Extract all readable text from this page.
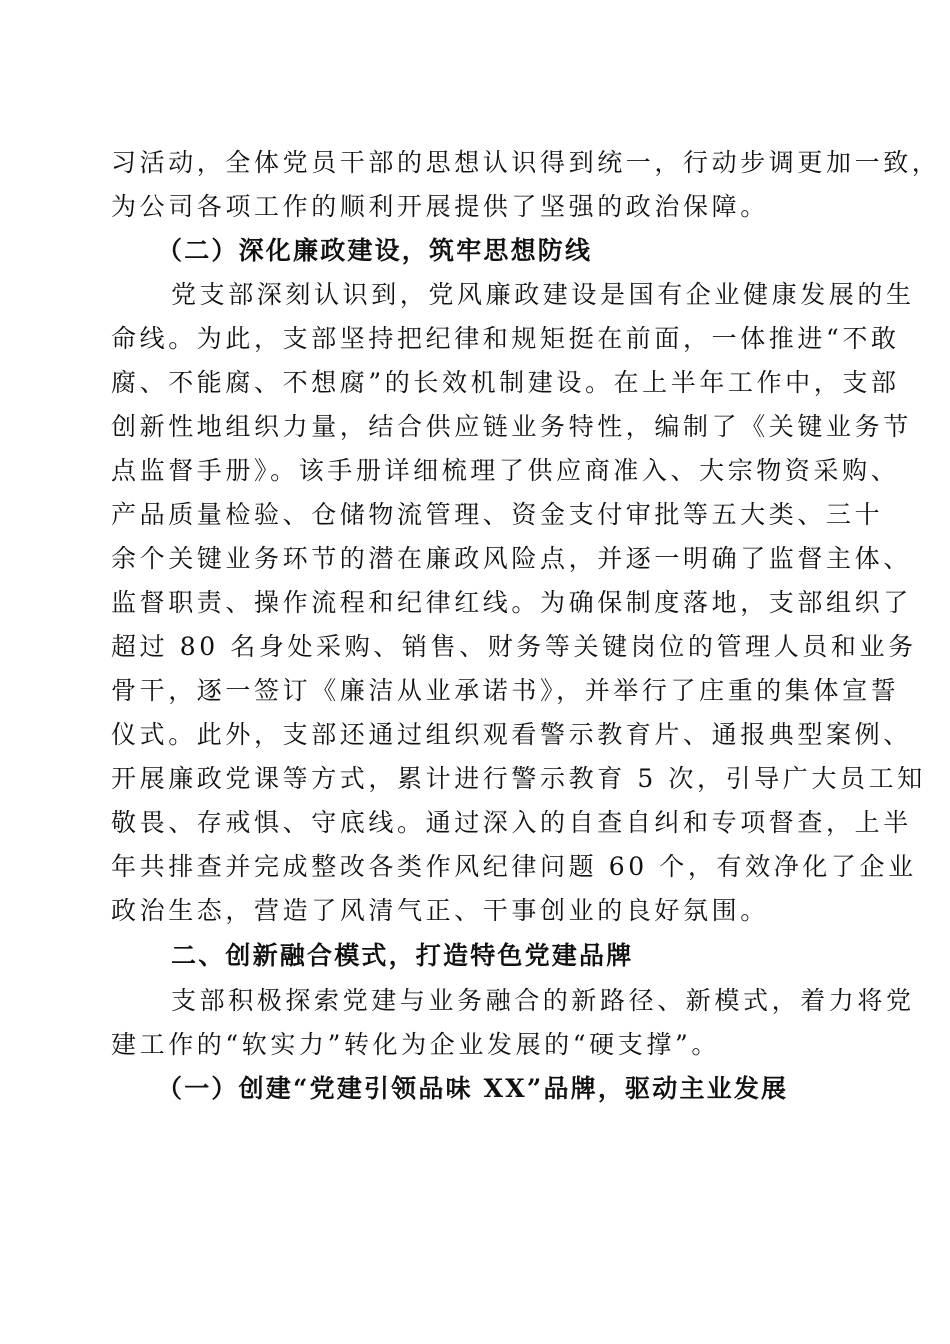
习活动，全体党员干部的思想认识得到统一，行动步调更加一致，
为公司各项工作的顺利开展提供了坚强的政治保障。
（二）深化廉政建设，筑牢思想防线
党支部深刻认识到，党风廉政建设是国有企业健康发展的生
命线。为此，支部坚持把纪律和规矩挺在前面，一体推进“不敢
腐、不能腐、不想腐”的长效机制建设。在上半年工作中，支部
创新性地组织力量，结合供应链业务特性，编制了《关键业务节
点监督手册》。该手册详细梳理了供应商准入、大宗物资采购、
产品质量检验、仓储物流管理、资金支付审批等五大类、三十
余个关键业务环节的潜在廉政风险点，并逐一明确了监督主体、
监督职责、操作流程和纪律红线。为确保制度落地，支部组织了
超过 80 名身处采购、销售、财务等关键岗位的管理人员和业务
骨干，逐一签订《廉洁从业承诺书》，并举行了庄重的集体宣誓
仪式。此外，支部还通过组织观看警示教育片、通报典型案例、
开展廉政党课等方式，累计进行警示教育 5 次，引导广大员工知
敬畏、存戒惧、守底线。通过深入的自查自纠和专项督查，上半
年共排查并完成整改各类作风纪律问题 60 个，有效净化了企业
政治生态，营造了风清气正、干事创业的良好氛围。
二、创新融合模式，打造特色党建品牌
支部积极探索党建与业务融合的新路径、新模式，着力将党
建工作的“软实力”转化为企业发展的“硬支撑”。
（一）创建“党建引领品味 XX”品牌，驱动主业发展
